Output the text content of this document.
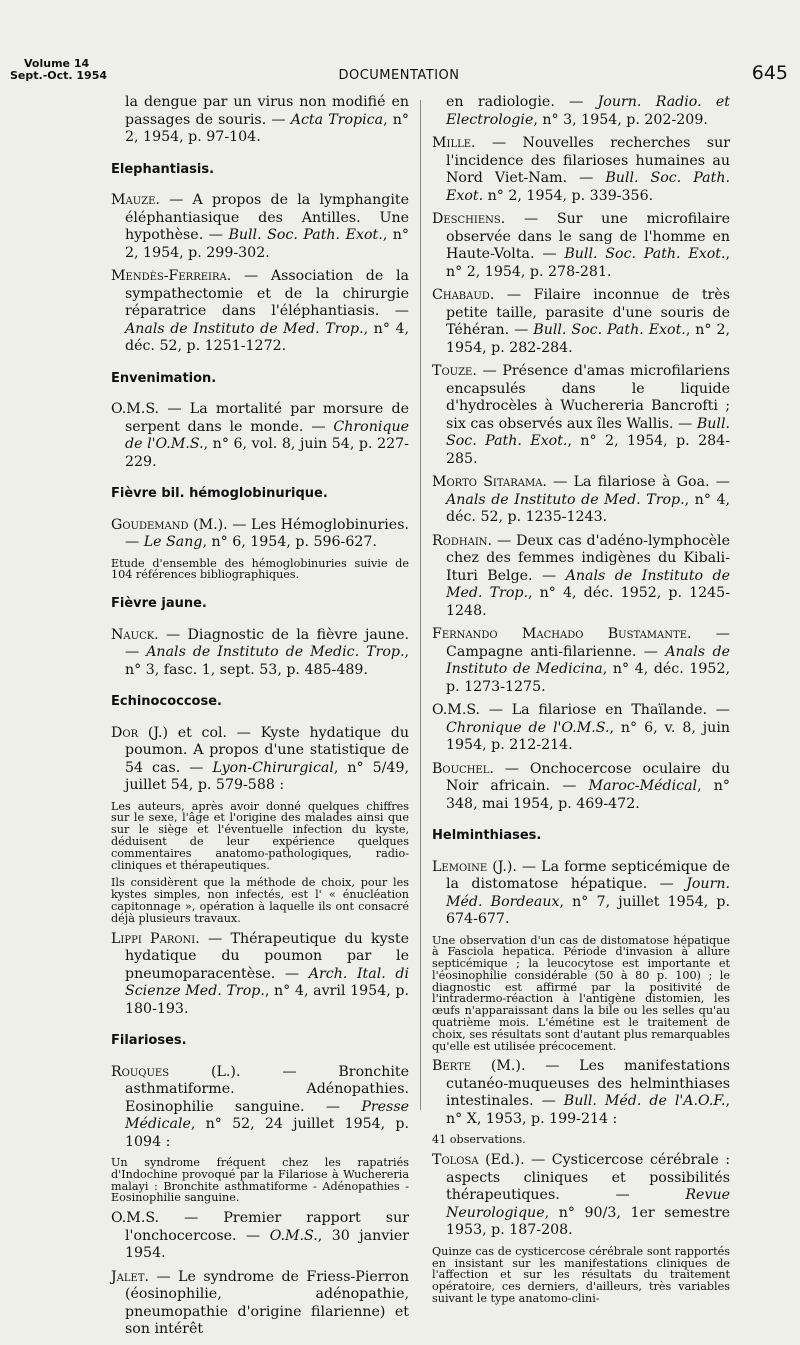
Volume 14
Sept.-Oct. 1954	DOCUMENTATION	645
la dengue par un virus non modifié en passages de souris. — Acta Tropica, n° 2, 1954, p. 97-104.
Elephantiasis.
Mauze. — A propos de la lymphangite éléphantiasique des Antilles. Une hypothèse. — Bull. Soc. Path. Exot., n° 2, 1954, p. 299-302.
Mendès-Ferreira. — Association de la sympathectomie et de la chirurgie réparatrice dans l'éléphantiasis. — Anals de Instituto de Med. Trop., n° 4, déc. 52, p. 1251-1272.
Envenimation.
O.M.S. — La mortalité par morsure de serpent dans le monde. — Chronique de l'O.M.S., n° 6, vol. 8, juin 54, p. 227-229.
Fièvre bil. hémoglobinurique.
Goudemand (M.). — Les Hémoglobinuries. — Le Sang, n° 6, 1954, p. 596-627.
Etude d'ensemble des hémoglobinuries suivie de 104 références bibliographiques.
Fièvre jaune.
Nauck. — Diagnostic de la fièvre jaune. — Anals de Instituto de Medic. Trop., n° 3, fasc. 1, sept. 53, p. 485-489.
Echinococcose.
Dor (J.) et col. — Kyste hydatique du poumon. A propos d'une statistique de 54 cas. — Lyon-Chirurgical, n° 5/49, juillet 54, p. 579-588 :
Les auteurs, après avoir donné quelques chiffres sur le sexe, l'âge et l'origine des malades ainsi que sur le siège et l'éventuelle infection du kyste, déduisent de leur expérience quelques commentaires anatomo-pathologiques, radio-cliniques et thérapeutiques.
Ils considèrent que la méthode de choix, pour les kystes simples, non infectés, est l' « énucléation capitonnage », opération à laquelle ils ont consacré déjà plusieurs travaux.
Lippi Paroni. — Thérapeutique du kyste hydatique du poumon par le pneumoparacentèse. — Arch. Ital. di Scienze Med. Trop., n° 4, avril 1954, p. 180-193.
Filarioses.
Rouques (L.). — Bronchite asthmatiforme. Adénopathies. Eosinophilie sanguine. — Presse Médicale, n° 52, 24 juillet 1954, p. 1094 :
Un syndrome fréquent chez les rapatriés d'Indochine provoqué par la Filariose à Wuchereria malayi : Bronchite asthmatiforme - Adénopathies - Eosinophilie sanguine.
O.M.S. — Premier rapport sur l'onchocercose. — O.M.S., 30 janvier 1954.
Jalet. — Le syndrome de Friess-Pierron (éosinophilie, adénopathie, pneumopathie d'origine filarienne) et son intérêt
en radiologie. — Journ. Radio. et Electrologie, n° 3, 1954, p. 202-209.
Mille. — Nouvelles recherches sur l'incidence des filarioses humaines au Nord Viet-Nam. — Bull. Soc. Path. Exot. n° 2, 1954, p. 339-356.
Deschiens. — Sur une microfilaire observée dans le sang de l'homme en Haute-Volta. — Bull. Soc. Path. Exot., n° 2, 1954, p. 278-281.
Chabaud. — Filaire inconnue de très petite taille, parasite d'une souris de Téhéran. — Bull. Soc. Path. Exot., n° 2, 1954, p. 282-284.
Touze. — Présence d'amas microfilariens encapsulés dans le liquide d'hydrocèles à Wuchereria Bancrofti ; six cas observés aux îles Wallis. — Bull. Soc. Path. Exot., n° 2, 1954, p. 284-285.
Morto Sitarama. — La filariose à Goa. — Anals de Instituto de Med. Trop., n° 4, déc. 52, p. 1235-1243.
Rodhain. — Deux cas d'adéno-lymphocèle chez des femmes indigènes du Kibali-Ituri Belge. — Anals de Instituto de Med. Trop., n° 4, déc. 1952, p. 1245-1248.
Fernando Machado Bustamante. — Campagne anti-filarienne. — Anals de Instituto de Medicina, n° 4, déc. 1952, p. 1273-1275.
O.M.S. — La filariose en Thaïlande. — Chronique de l'O.M.S., n° 6, v. 8, juin 1954, p. 212-214.
Bouchel. — Onchocercose oculaire du Noir africain. — Maroc-Médical, n° 348, mai 1954, p. 469-472.
Helminthiases.
Lemoine (J.). — La forme septicémique de la distomatose hépatique. — Journ. Méd. Bordeaux, n° 7, juillet 1954, p. 674-677.
Une observation d'un cas de distomatose hépatique à Fasciola hepatica. Période d'invasion à allure septicémique ; la leucocytose est importante et l'éosinophilie considérable (50 à 80 p. 100) ; le diagnostic est affirmé par la positivité de l'intradermo-réaction à l'antigène distomien, les œufs n'apparaissant dans la bile ou les selles qu'au quatrième mois. L'émétine est le traitement de choix, ses résultats sont d'autant plus remarquables qu'elle est utilisée précocement.
Berte (M.). — Les manifestations cutanéo-muqueuses des helminthiases intestinales. — Bull. Méd. de l'A.O.F., n° X, 1953, p. 199-214 :
41 observations.
Tolosa (Ed.). — Cysticercose cérébrale : aspects cliniques et possibilités thérapeutiques. — Revue Neurologique, n° 90/3, 1er semestre 1953, p. 187-208.
Quinze cas de cysticercose cérébrale sont rapportés en insistant sur les manifestations cliniques de l'affection et sur les résultats du traitement opératoire, ces derniers, d'ailleurs, très variables suivant le type anatomo-clini-
